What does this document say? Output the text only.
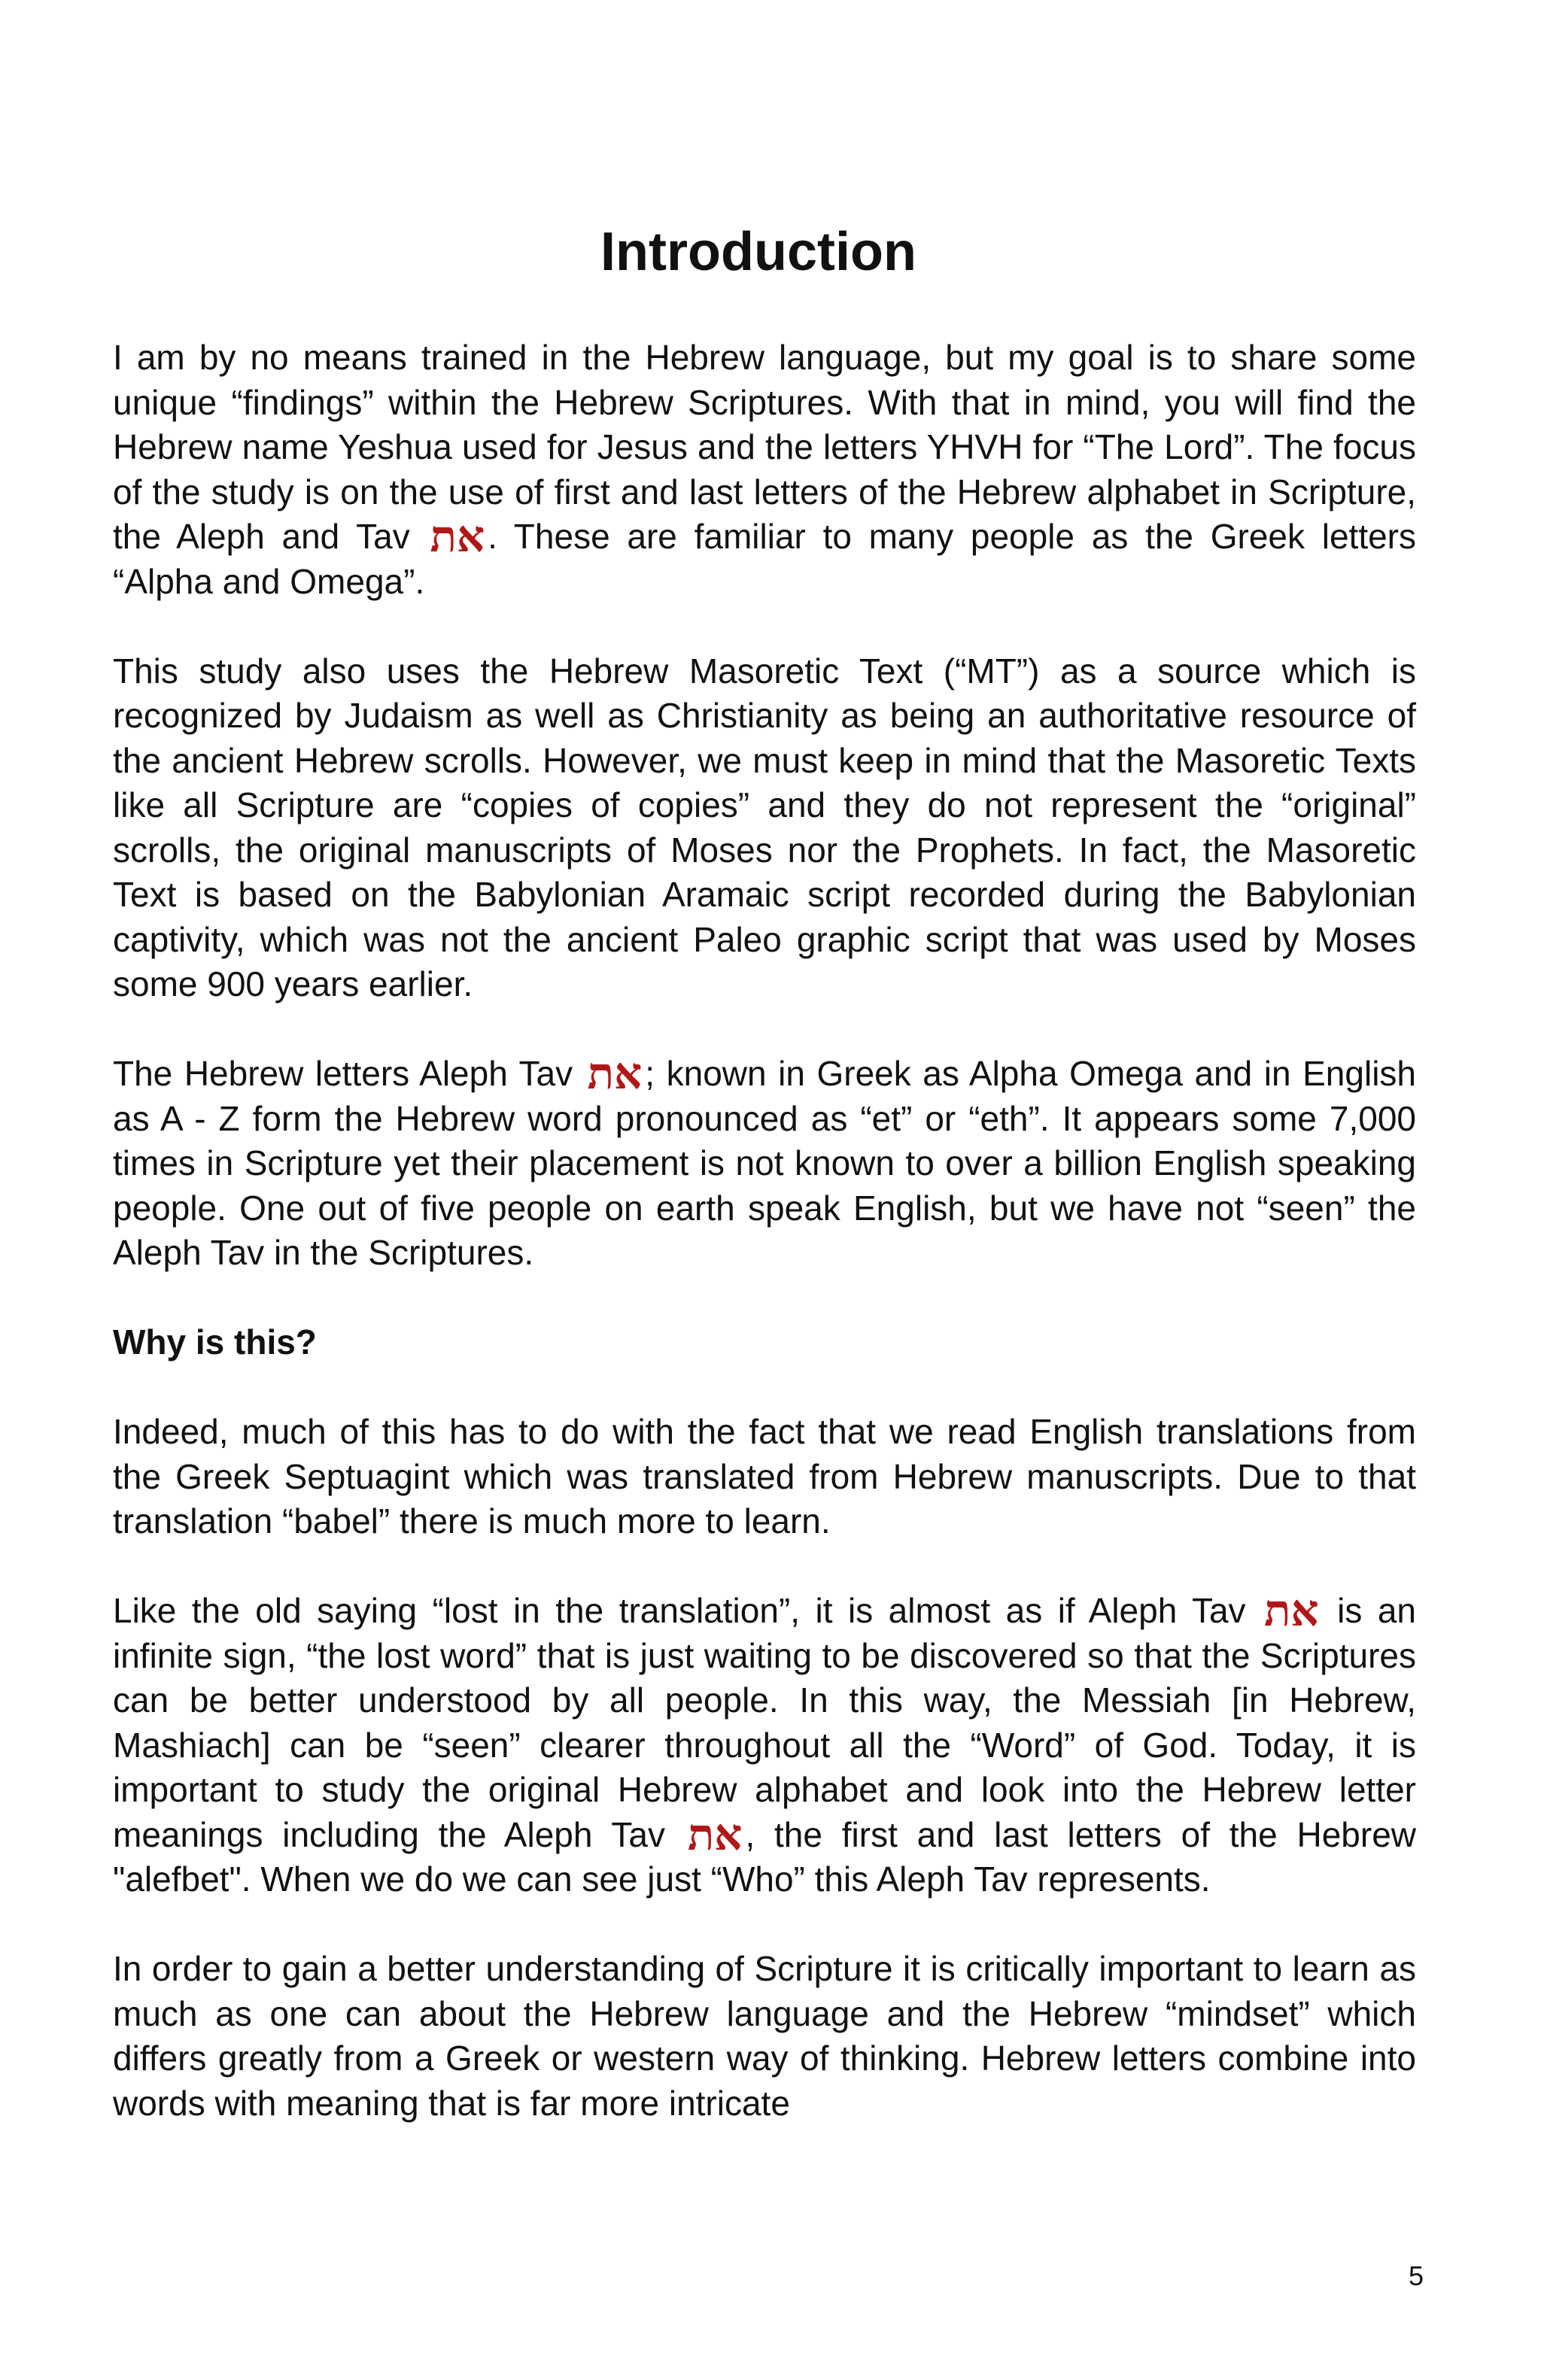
Introduction

I am by no means trained in the Hebrew language, but my goal is to share some unique “findings” within the Hebrew Scriptures. With that in mind, you will find the Hebrew name Yeshua used for Jesus and the letters YHVH for “The Lord”. The focus of the study is on the use of first and last letters of the Hebrew alphabet in Scripture, the Aleph and Tav את. These are familiar to many people as the Greek letters “Alpha and Omega”.

This study also uses the Hebrew Masoretic Text (“MT”) as a source which is recognized by Judaism as well as Christianity as being an authoritative resource of the ancient Hebrew scrolls. However, we must keep in mind that the Masoretic Texts like all Scripture are “copies of copies” and they do not represent the “original” scrolls, the original manuscripts of Moses nor the Prophets. In fact, the Masoretic Text is based on the Babylonian Aramaic script recorded during the Babylonian captivity, which was not the ancient Paleo graphic script that was used by Moses some 900 years earlier.

The Hebrew letters Aleph Tav את; known in Greek as Alpha Omega and in English as A - Z form the Hebrew word pronounced as “et” or “eth”. It appears some 7,000 times in Scripture yet their placement is not known to over a billion English speaking people. One out of five people on earth speak English, but we have not “seen” the Aleph Tav in the Scriptures.

Why is this?

Indeed, much of this has to do with the fact that we read English translations from the Greek Septuagint which was translated from Hebrew manuscripts. Due to that translation “babel” there is much more to learn.

Like the old saying “lost in the translation”, it is almost as if Aleph Tav את is an infinite sign, “the lost word” that is just waiting to be discovered so that the Scriptures can be better understood by all people. In this way, the Messiah [in Hebrew, Mashiach] can be “seen” clearer throughout all the “Word” of God. Today, it is important to study the original Hebrew alphabet and look into the Hebrew letter meanings including the Aleph Tav את, the first and last letters of the Hebrew "alefbet". When we do we can see just “Who” this Aleph Tav represents.

In order to gain a better understanding of Scripture it is critically important to learn as much as one can about the Hebrew language and the Hebrew “mindset” which differs greatly from a Greek or western way of thinking. Hebrew letters combine into words with meaning that is far more intricate

5
